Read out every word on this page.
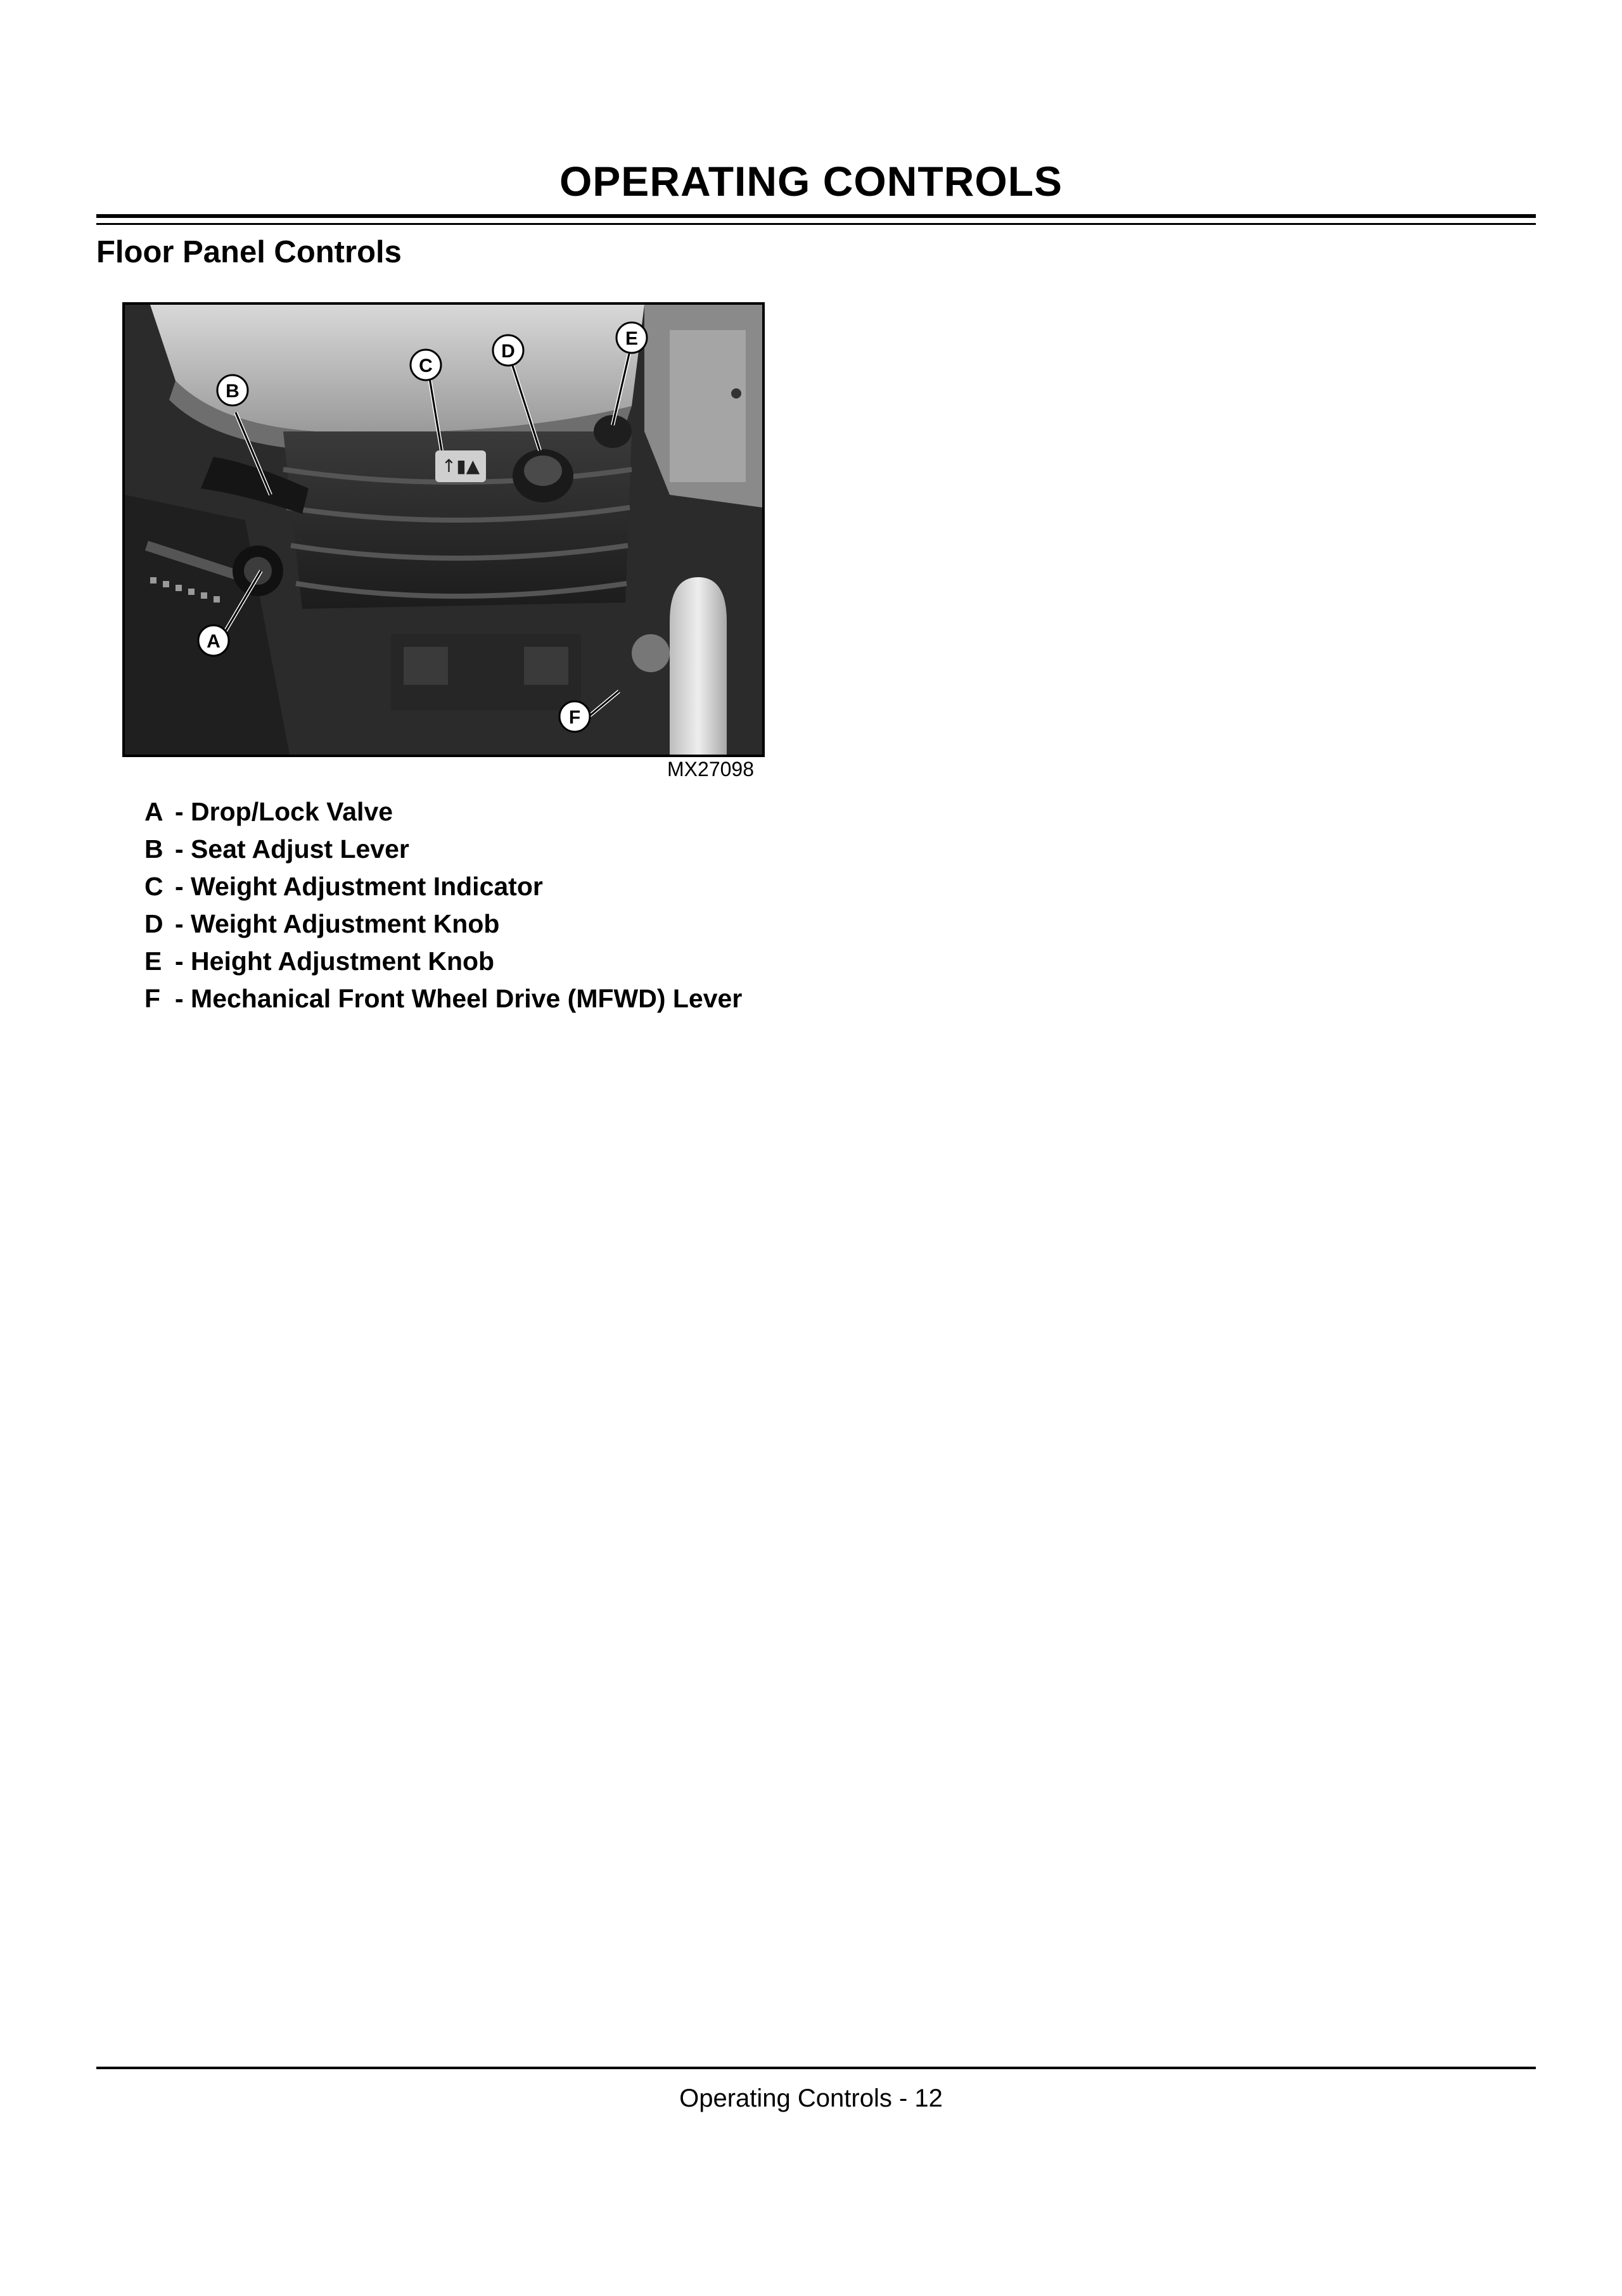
OPERATING CONTROLS
Floor Panel Controls
↑▮▲
B
C
D
E
A
F
MX27098
A - Drop/Lock Valve
B - Seat Adjust Lever
C - Weight Adjustment Indicator
D - Weight Adjustment Knob
E - Height Adjustment Knob
F - Mechanical Front Wheel Drive (MFWD) Lever
Operating Controls - 12
